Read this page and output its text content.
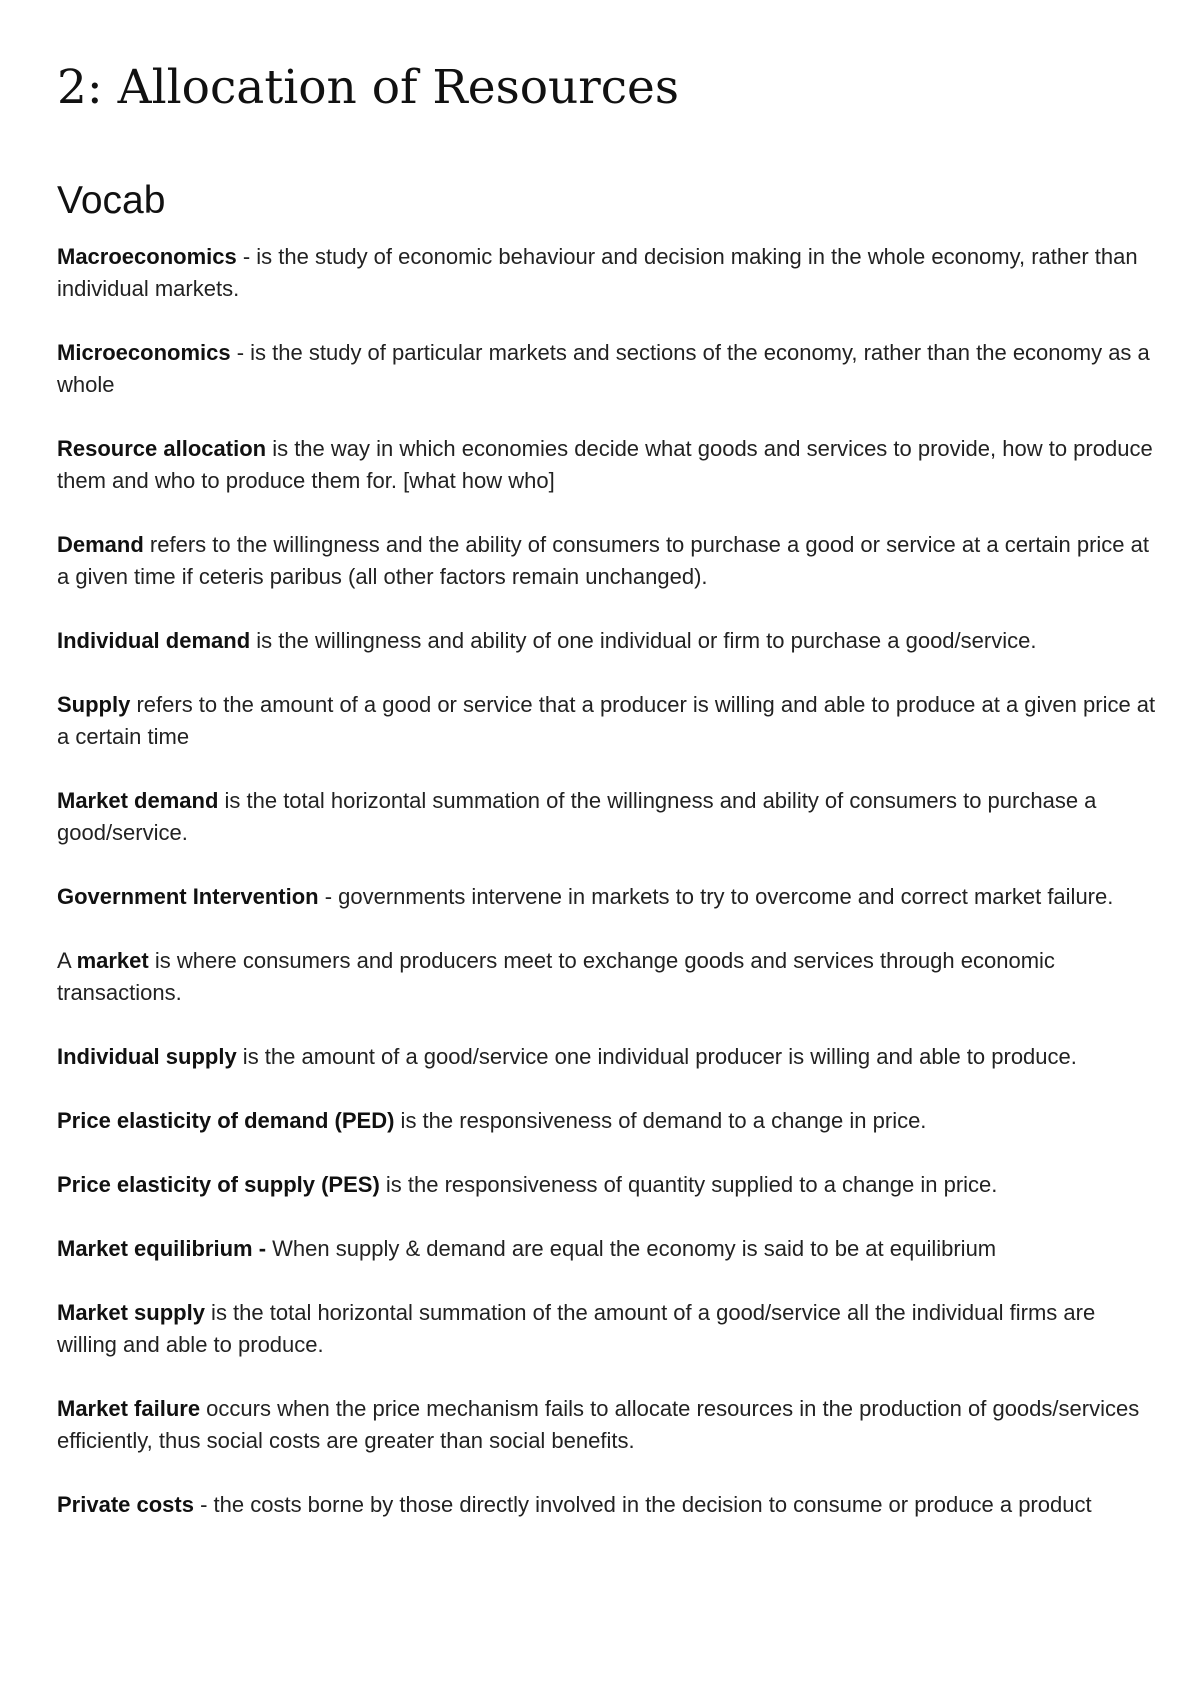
2: Allocation of Resources
Vocab

Macroeconomics - is the study of economic behaviour and decision making in the whole economy, rather than individual markets.

Microeconomics - is the study of particular markets and sections of the economy, rather than the economy as a whole

Resource allocation is the way in which economies decide what goods and services to provide, how to produce them and who to produce them for. [what how who]

Demand refers to the willingness and the ability of consumers to purchase a good or service at a certain price at a given time if ceteris paribus (all other factors remain unchanged).

Individual demand is the willingness and ability of one individual or firm to purchase a good/service.

Supply refers to the amount of a good or service that a producer is willing and able to produce at a given price at a certain time

Market demand is the total horizontal summation of the willingness and ability of consumers to purchase a good/service.

Government Intervention - governments intervene in markets to try to overcome and correct market failure.

A market is where consumers and producers meet to exchange goods and services through economic transactions.

Individual supply is the amount of a good/service one individual producer is willing and able to produce.

Price elasticity of demand (PED) is the responsiveness of demand to a change in price.

Price elasticity of supply (PES) is the responsiveness of quantity supplied to a change in price.

Market equilibrium - When supply & demand are equal the economy is said to be at equilibrium

Market supply is the total horizontal summation of the amount of a good/service all the individual firms are willing and able to produce.

Market failure occurs when the price mechanism fails to allocate resources in the production of goods/services efficiently, thus social costs are greater than social benefits.

Private costs - the costs borne by those directly involved in the decision to consume or produce a product
